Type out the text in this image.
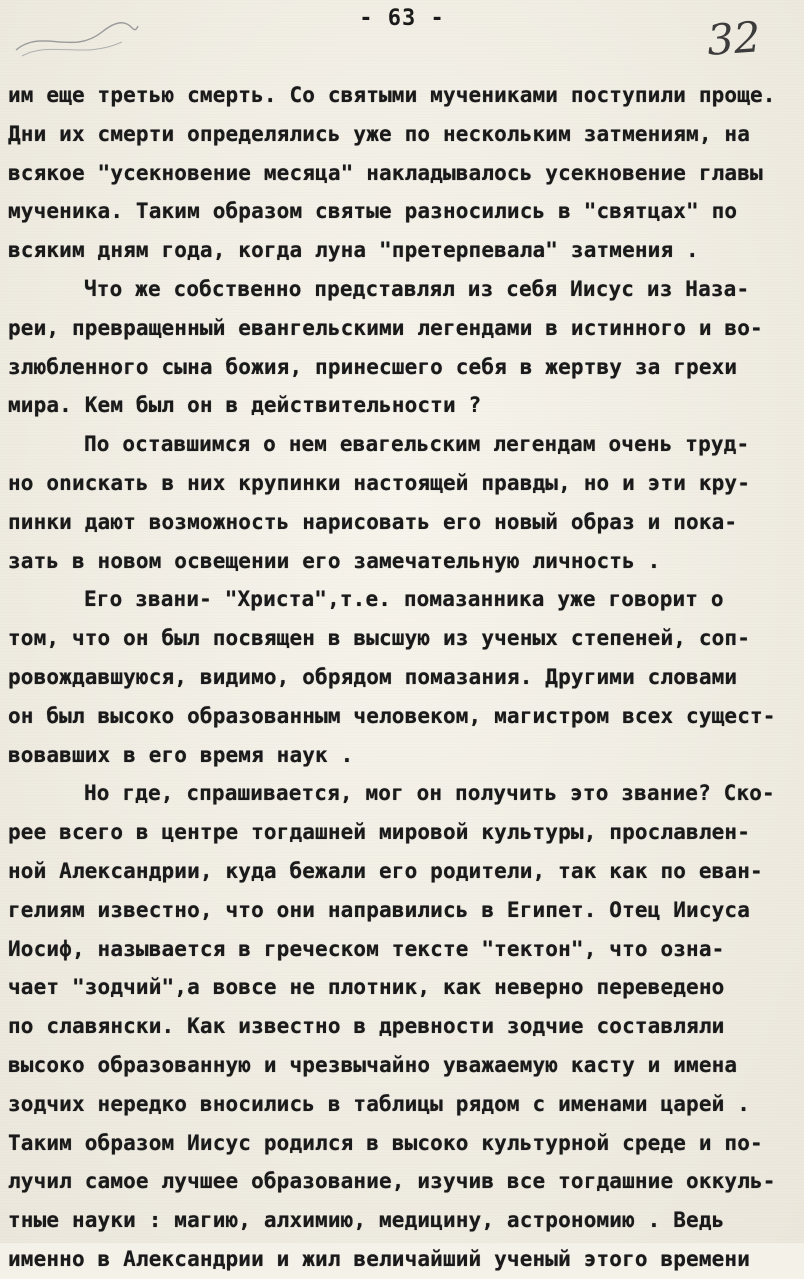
- 63 -	32
им еще третью смерть. Со святыми мучениками поступили проще.
Дни их смерти определялись уже по нескольким затмениям, на
всякое "усекновение месяца" накладывалось усекновение главы
мученика. Таким образом святые разносились в "святцах" по
всяким дням года, когда луна "претерпевала" затмения .
Что же собственно представлял из себя Иисус из Назa-
реи, превращенный евангельскими легендами в истинного и во-
злюбленного сына божия, принесшего себя в жертву за грехи
мира. Кем был он в действительности ?
По оставшимся о нем евагельским легендам очень труд-
но оnискать в них крупинки настоящей правды, но и эти кру-
пинки дают возможность нарисовать его новый образ и пока-
зать в новом освещении его замечательную личность .
Его звани- "Христа",т.е. помазанника уже говорит о
том, что он был посвящен в высшую из ученых степеней, соп-
ровождавшуюся, видимо, обрядом помазания. Другими словами
он был высоко образованным человеком, магистром всех сущест-
вовавших в его время наук .
Но где, спрашивается, мог он получить это звание? Ско-
рее всего в центре тогдашней мировой культуры, прославлен-
ной Александрии, куда бежали его родители, так как по еван-
гелиям известно, что они направились в Египет. Отец Иисуса
Иосиф, называется в греческом тексте "тектон", что озна-
чает "зодчий",а вовсе не плотник, как неверно переведено
по славянски. Как известно в древности зодчие составляли
высоко образованную и чрезвычайно уважаемую касту и имена
зодчих нередко вносились в таблицы рядом с именами царей .
Таким образом Иисус родился в высоко культурной среде и по-
лучил самое лучшее образование, изучив все тогдашние оккуль-
тные науки : магию, алхимию, медицину, астрономию . Ведь
именно в Александрии и жил величайший ученый этого времени
